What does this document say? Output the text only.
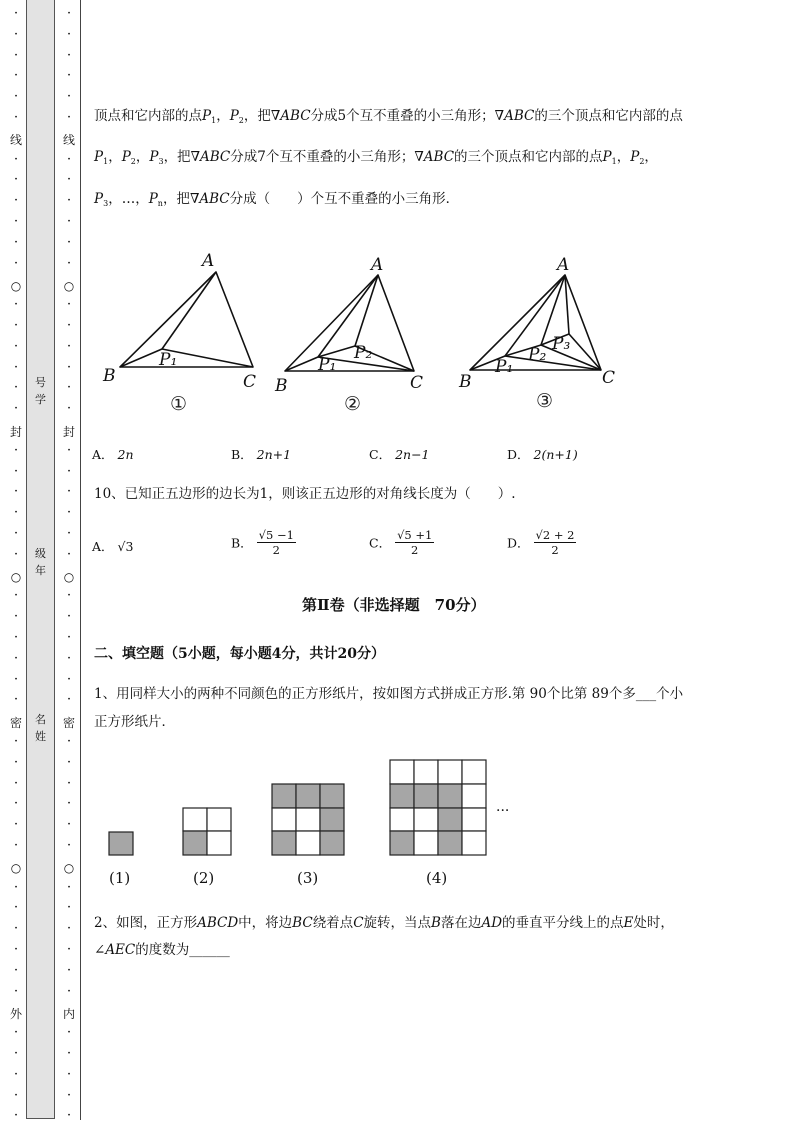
线
○
封
○
密
○
外
•
•
•
•
•
•
•
•
•
•
•
•
•
•
•
•
•
•
•
•
•
•
•
•
•
•
•
•
•
•
•
•
•
•
•
•
•
•
•
•
•
•
•
•
•
•
•
线
○
封
○
密
○
内
•
•
•
•
•
•
•
•
•
•
•
•
•
•
•
•
•
•
•
•
•
•
•
•
•
•
•
•
•
•
•
•
•
•
•
•
•
•
•
•
•
•
•
•
•
•
•
号
学
级
年
名
姓
顶点和它内部的点$P_1$，$P_2$，把∇ABC分成5个互不重叠的小三角形；∇ABC的三个顶点和它内部的点
$P_1$，$P_2$，$P_3$，把∇ABC分成7个互不重叠的小三角形；∇ABC的三个顶点和它内部的点$P_1$，$P_2$，
$P_3$，…，$P_n$，把∇ABC分成（　　）个互不重叠的小三角形．
A
B	C
P₁
A
B	C
P₁
P₂
A
B	C
P₁
P₂
P₃
①	②	③
A． 2n	B． 2n+1	C． 2n−1	D． 2(n+1)
10、已知正五边形的边长为1，则该正五边形的对角线长度为（　　）.
A． √3	B． $\frac{√5 -1}{2}$	C． $\frac{√5 +1}{2}$	D． $\frac{√2 + 2}{2}$
第Ⅱ卷（非选择题　70分）
二、填空题（5小题，每小题4分，共计20分）
1、用同样大小的两种不同颜色的正方形纸片，按如图方式拼成正方形.第 90个比第 89个多___个小
正方形纸片．
(1)	(2)	(3)	(4)
···
2、如图，正方形ABCD中，将边BC绕着点C旋转，当点B落在边AD的垂直平分线上的点E处时，
∠AEC的度数为______
